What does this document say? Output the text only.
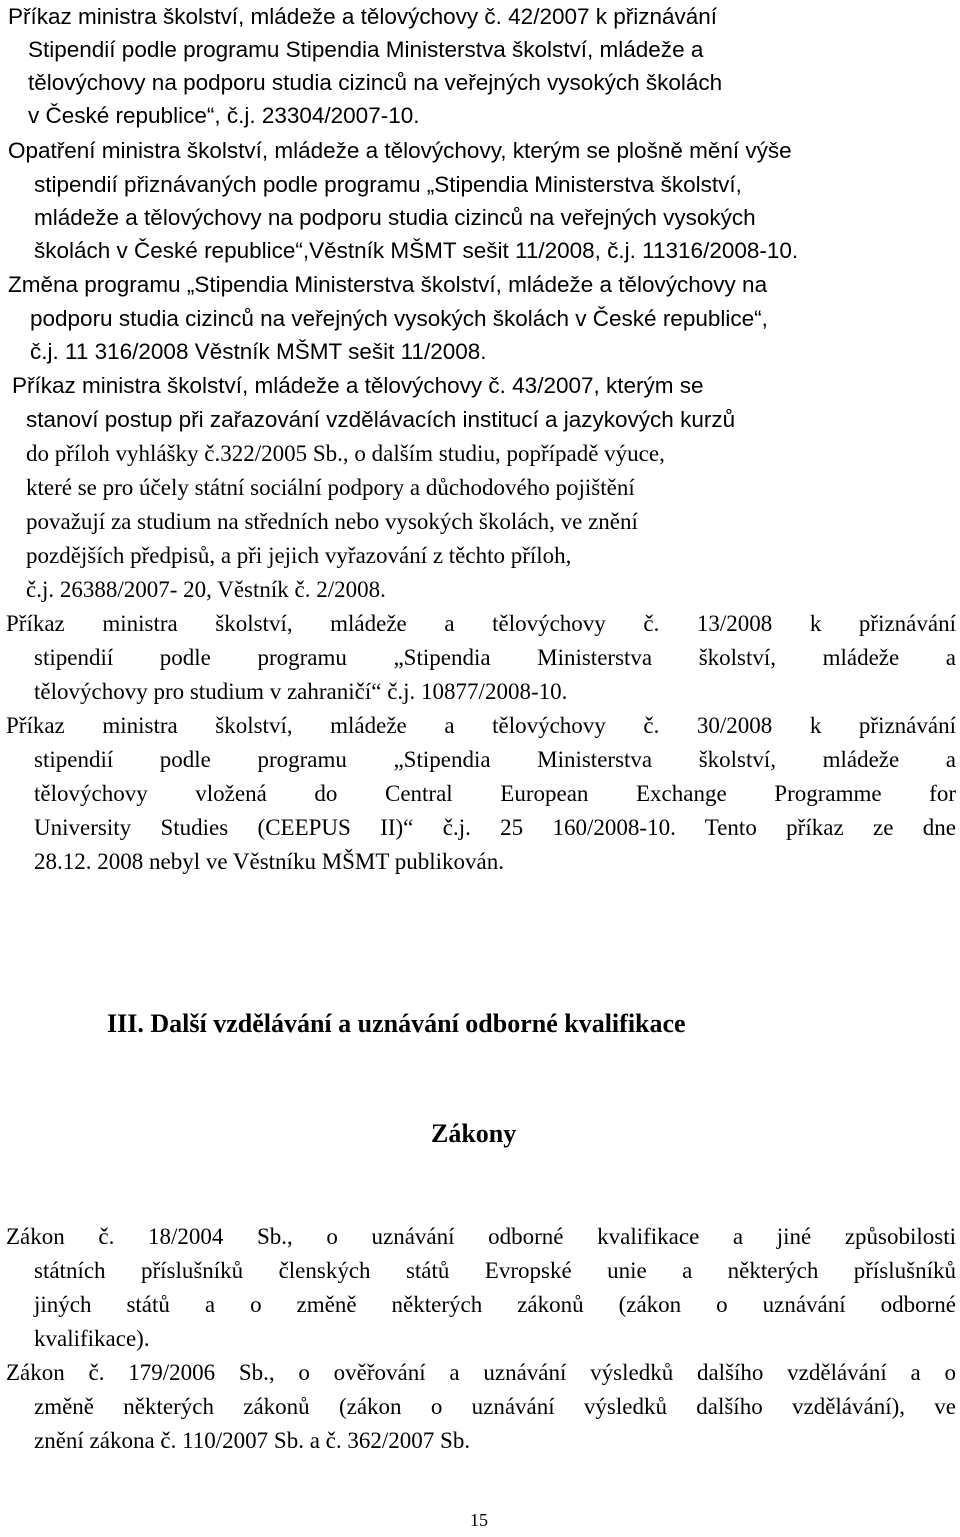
Příkaz ministra školství, mládeže a tělovýchovy č. 42/2007 k přiznávání
Stipendií podle programu Stipendia Ministerstva školství, mládeže a
tělovýchovy na podporu studia cizinců na veřejných vysokých školách
v České republice“, č.j. 23304/2007-10.
Opatření ministra školství, mládeže a tělovýchovy, kterým se plošně mění výše
stipendií přiznávaných podle programu „Stipendia Ministerstva školství,
mládeže a tělovýchovy na podporu studia cizinců na veřejných vysokých
školách v České republice“,Věstník MŠMT sešit 11/2008, č.j. 11316/2008-10.
Změna programu „Stipendia Ministerstva školství, mládeže a tělovýchovy na
podporu studia cizinců na veřejných vysokých školách v České republice“,
č.j. 11 316/2008 Věstník MŠMT sešit 11/2008.
Příkaz ministra školství, mládeže a tělovýchovy č. 43/2007, kterým se
stanoví postup při zařazování vzdělávacích institucí a jazykových kurzů
do příloh vyhlášky č.322/2005 Sb., o dalším studiu, popřípadě výuce,
které se pro účely státní sociální podpory a důchodového pojištění
považují za studium na středních nebo vysokých školách, ve znění
pozdějších předpisů, a při jejich vyřazování z těchto příloh,
č.j. 26388/2007- 20, Věstník č. 2/2008.
Příkaz ministra školství, mládeže a tělovýchovy č. 13/2008 k přiznávání
stipendií podle programu „Stipendia Ministerstva školství, mládeže a
tělovýchovy pro studium v zahraničí“ č.j. 10877/2008-10.
Příkaz ministra školství, mládeže a tělovýchovy č. 30/2008 k přiznávání
stipendií podle programu „Stipendia Ministerstva školství, mládeže a
tělovýchovy vložená do Central European Exchange Programme for
University Studies (CEEPUS II)“ č.j. 25 160/2008-10. Tento příkaz ze dne
28.12. 2008 nebyl ve Věstníku MŠMT publikován.
III. Další vzdělávání a uznávání odborné kvalifikace
Zákony
Zákon č. 18/2004 Sb., o uznávání odborné kvalifikace a jiné způsobilosti
státních příslušníků členských států Evropské unie a některých příslušníků
jiných států a o změně některých zákonů (zákon o uznávání odborné
kvalifikace).
Zákon č. 179/2006 Sb., o ověřování a uznávání výsledků dalšího vzdělávání a o
změně některých zákonů (zákon o uznávání výsledků dalšího vzdělávání), ve
znění zákona č. 110/2007 Sb. a č. 362/2007 Sb.
15
